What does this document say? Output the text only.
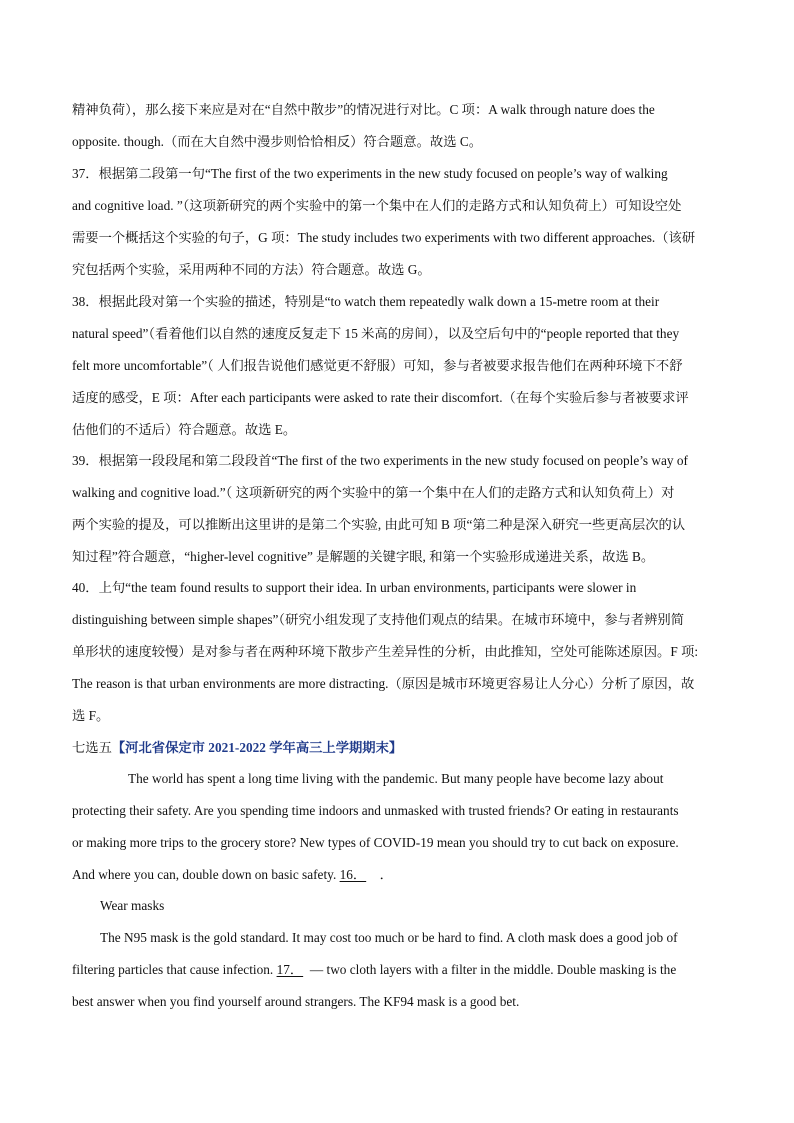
精神负荷），那么接下来应是对在“自然中散步”的情况进行对比。C 项：A walk through nature does the
opposite. though.（而在大自然中漫步则恰恰相反）符合题意。故选 C。
37．根据第二段第一句“The first of the two experiments in the new study focused on people’s way of walking
and cognitive load. ”（这项新研究的两个实验中的第一个集中在人们的走路方式和认知负荷上）可知设空处
需要一个概括这个实验的句子，G 项：The study includes two experiments with two different approaches.（该研
究包括两个实验，采用两种不同的方法）符合题意。故选 G。
38．根据此段对第一个实验的描述，特别是“to watch them repeatedly walk down a 15-metre room at their
natural speed”（看着他们以自然的速度反复走下 15 米高的房间），以及空后句中的“people reported that they
felt more uncomfortable”（ 人们报告说他们感觉更不舒服）可知，参与者被要求报告他们在两种环境下不舒
适度的感受，E 项：After each participants were asked to rate their discomfort.（在每个实验后参与者被要求评
估他们的不适后）符合题意。故选 E。
39．根据第一段段尾和第二段段首“The first of the two experiments in the new study focused on people’s way of
walking and cognitive load.”（ 这项新研究的两个实验中的第一个集中在人们的走路方式和认知负荷上）对
两个实验的提及，可以推断出这里讲的是第二个实验, 由此可知 B 项“第二种是深入研究一些更高层次的认
知过程”符合题意，“higher-level cognitive” 是解题的关键字眼, 和第一个实验形成递进关系，故选 B。
40．上句“the team found results to support their idea. In urban environments, participants were slower in
distinguishing between simple shapes”（研究小组发现了支持他们观点的结果。在城市环境中，参与者辨别简
单形状的速度较慢）是对参与者在两种环境下散步产生差异性的分析，由此推知，空处可能陈述原因。F 项:
The reason is that urban environments are more distracting.（原因是城市环境更容易让人分心）分析了原因，故
选 F。
七选五【河北省保定市 2021-2022 学年高三上学期期末】
The world has spent a long time living with the pandemic. But many people have become lazy about
protecting their safety. Are you spending time indoors and unmasked with trusted friends? Or eating in restaurants
or making more trips to the grocery store? New types of COVID-19 mean you should try to cut back on exposure.
And where you can, double down on basic safety. 16． ．
Wear masks
The N95 mask is the gold standard. It may cost too much or be hard to find. A cloth mask does a good job of
filtering particles that cause infection. 17． — two cloth layers with a filter in the middle. Double masking is the
best answer when you find yourself around strangers. The KF94 mask is a good bet.
